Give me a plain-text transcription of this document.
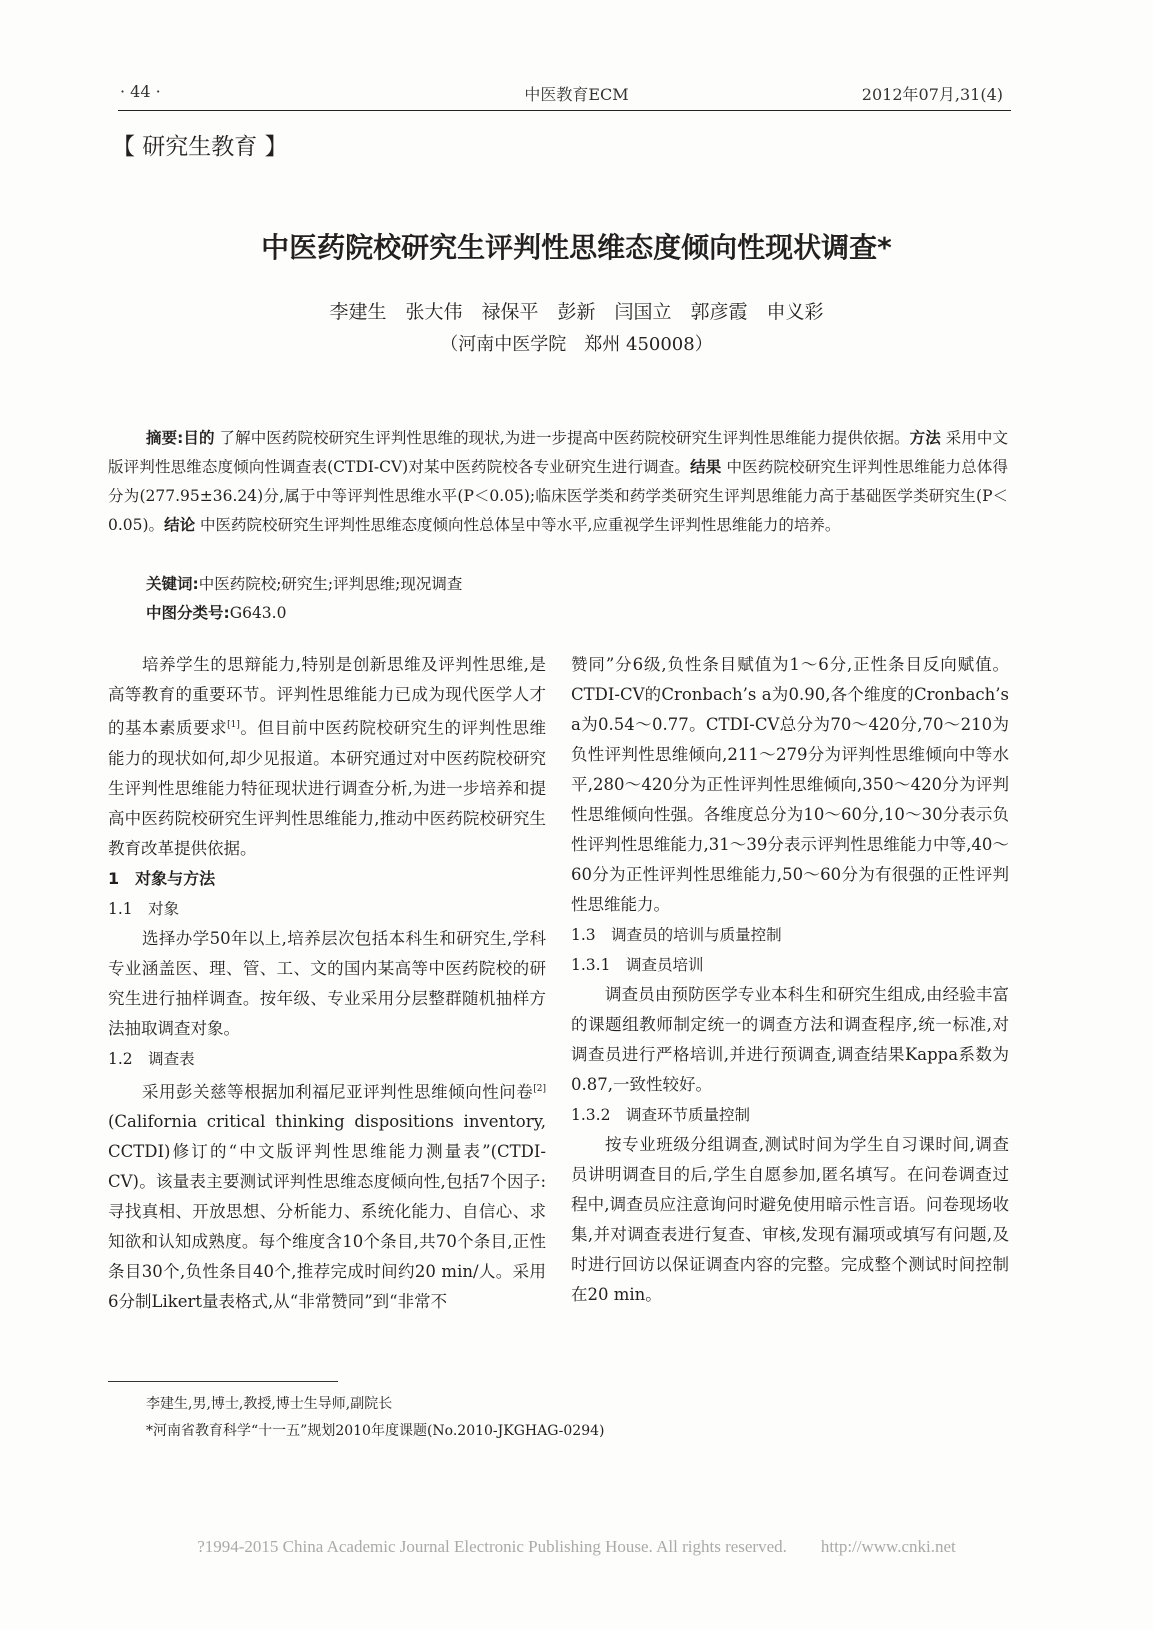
· 44 ·	中医教育ECM	2012年07月,31(4)
【 研究生教育 】
中医药院校研究生评判性思维态度倾向性现状调查*
李建生　张大伟　禄保平　彭新　闫国立　郭彦霞　申义彩
（河南中医学院　郑州 450008）
摘要:目的 了解中医药院校研究生评判性思维的现状,为进一步提高中医药院校研究生评判性思维能力提供依据。方法 采用中文版评判性思维态度倾向性调查表(CTDI-CV)对某中医药院校各专业研究生进行调查。结果 中医药院校研究生评判性思维能力总体得分为(277.95±36.24)分,属于中等评判性思维水平(P＜0.05);临床医学类和药学类研究生评判思维能力高于基础医学类研究生(P＜0.05)。结论 中医药院校研究生评判性思维态度倾向性总体呈中等水平,应重视学生评判性思维能力的培养。
关键词:中医药院校;研究生;评判思维;现况调查
中图分类号:G643.0

培养学生的思辩能力,特别是创新思维及评判性思维,是高等教育的重要环节。评判性思维能力已成为现代医学人才的基本素质要求[1]。但目前中医药院校研究生的评判性思维能力的现状如何,却少见报道。本研究通过对中医药院校研究生评判性思维能力特征现状进行调查分析,为进一步培养和提高中医药院校研究生评判性思维能力,推动中医药院校研究生教育改革提供依据。

1　对象与方法

1.1　对象

选择办学50年以上,培养层次包括本科生和研究生,学科专业涵盖医、理、管、工、文的国内某高等中医药院校的研究生进行抽样调查。按年级、专业采用分层整群随机抽样方法抽取调查对象。

1.2　调查表

采用彭关慈等根据加利福尼亚评判性思维倾向性问卷[2](California critical thinking dispositions inventory, CCTDI)修订的“中文版评判性思维能力测量表”(CTDI-CV)。该量表主要测试评判性思维态度倾向性,包括7个因子:寻找真相、开放思想、分析能力、系统化能力、自信心、求知欲和认知成熟度。每个维度含10个条目,共70个条目,正性条目30个,负性条目40个,推荐完成时间约20 min/人。采用6分制Likert量表格式,从“非常赞同”到“非常不

赞同”分6级,负性条目赋值为1～6分,正性条目反向赋值。CTDI-CV的Cronbach’s a为0.90,各个维度的Cronbach’s a为0.54～0.77。CTDI-CV总分为70～420分,70～210为负性评判性思维倾向,211～279分为评判性思维倾向中等水平,280～420分为正性评判性思维倾向,350～420分为评判性思维倾向性强。各维度总分为10～60分,10～30分表示负性评判性思维能力,31～39分表示评判性思维能力中等,40～60分为正性评判性思维能力,50～60分为有很强的正性评判性思维能力。

1.3　调查员的培训与质量控制

1.3.1　调查员培训

调查员由预防医学专业本科生和研究生组成,由经验丰富的课题组教师制定统一的调查方法和调查程序,统一标准,对调查员进行严格培训,并进行预调查,调查结果Kappa系数为0.87,一致性较好。

1.3.2　调查环节质量控制

按专业班级分组调查,测试时间为学生自习课时间,调查员讲明调查目的后,学生自愿参加,匿名填写。在问卷调查过程中,调查员应注意询问时避免使用暗示性言语。问卷现场收集,并对调查表进行复查、审核,发现有漏项或填写有问题,及时进行回访以保证调查内容的完整。完成整个测试时间控制在20 min。

李建生,男,博士,教授,博士生导师,副院长
*河南省教育科学“十一五”规划2010年度课题(No.2010-JKGHAG-0294)
?1994-2015 China Academic Journal Electronic Publishing House. All rights reserved.　　http://www.cnki.net
